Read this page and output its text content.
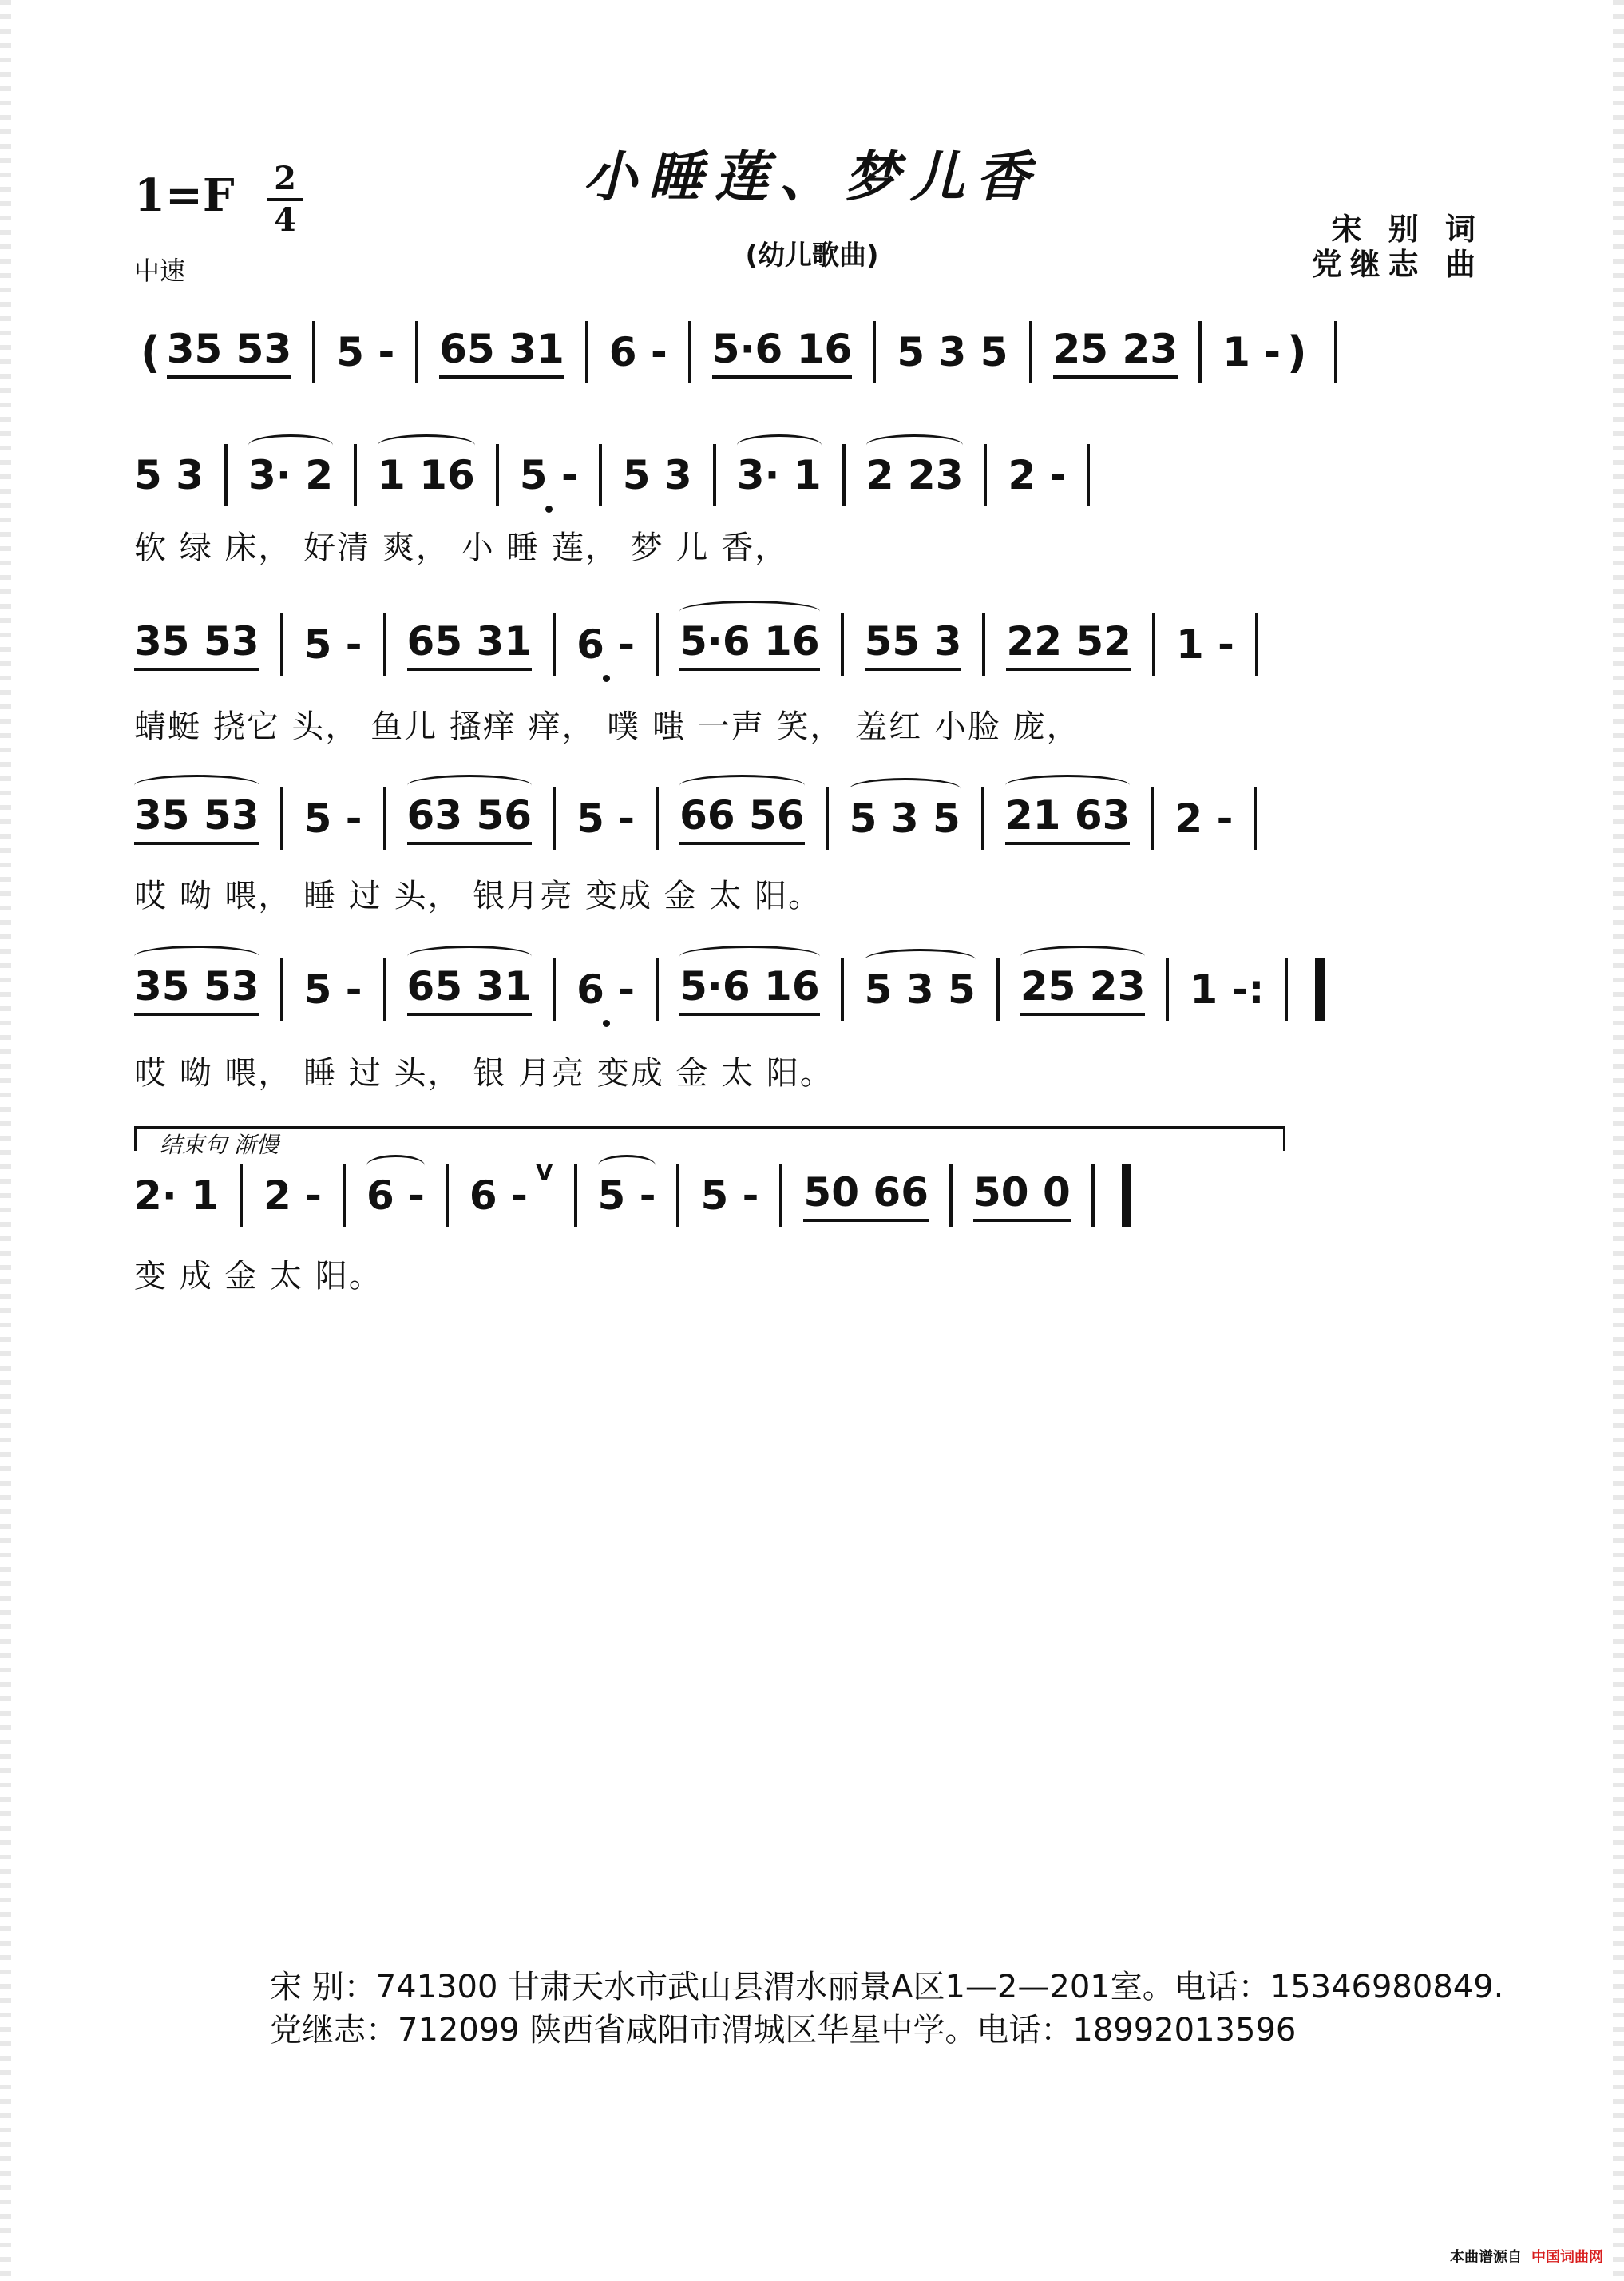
小睡莲、梦儿香
(幼儿歌曲)
1=F 2
4
中速
宋 别 词
党继志 曲
( 35 53 5 - 65 31 6 - 5·6 16 5 3 5 25 23 1 - )
5 3 3· 2 1 16 5 - 5 3 3· 1 2 23 2 -
软 绿 床， 好清 爽， 小 睡 莲， 梦 儿 香，
35 53 5 - 65 31 6 - 5·6 16 55 3 22 52 1 -
蜻蜓 挠它 头， 鱼儿 搔痒 痒， 噗 嗤 一声 笑， 羞红 小脸 庞，
35 53 5 - 63 56 5 - 66 56 5 3 5 21 63 2 -
哎 呦 喂， 睡 过 头， 银月亮 变成 金 太 阳。
35 53 5 - 65 31 6 - 5·6 16 5 3 5 25 23 1 -:
哎 呦 喂， 睡 过 头， 银 月亮 变成 金 太 阳。
结束句 渐慢
2· 1 2 - 6 - 6 -
V
5 - 5 - 50 66 50 0
变 成 金 太 阳。
宋 别：741300 甘肃天水市武山县渭水丽景A区1—2—201室。电话：15346980849.
党继志：712099 陕西省咸阳市渭城区华星中学。电话：18992013596
本曲谱源自 中国词曲网
